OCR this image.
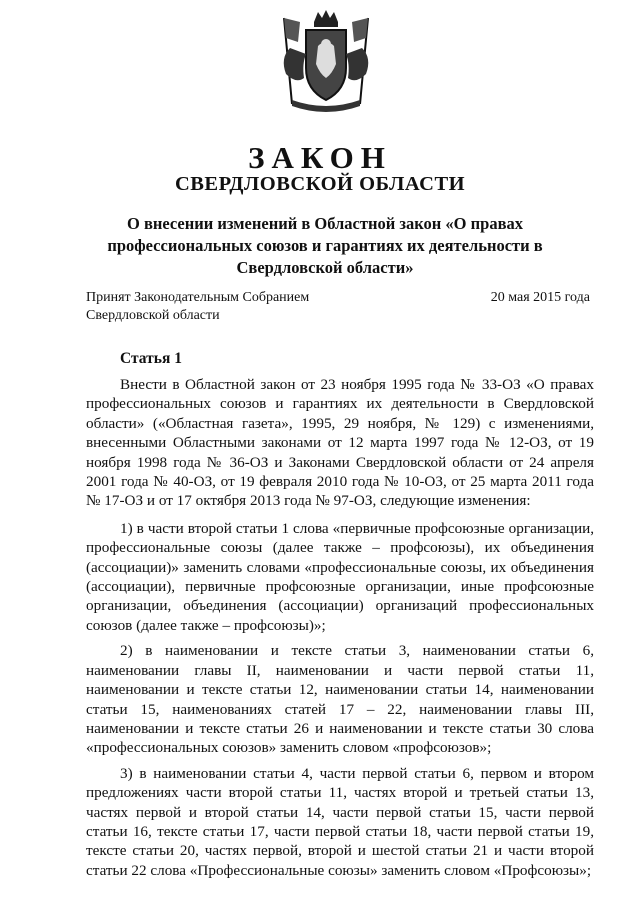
ЗАКОН
СВЕРДЛОВСКОЙ ОБЛАСТИ
О внесении изменений в Областной закон «О правах профессиональных союзов и гарантиях их деятельности в Свердловской области»
Принят Законодательным Собранием
Свердловской области
20 мая 2015 года
Статья 1

Внести в Областной закон от 23 ноября 1995 года № 33-ОЗ «О правах профессиональных союзов и гарантиях их деятельности в Свердловской области» («Областная газета», 1995, 29 ноября, № 129) с изменениями, внесенными Областными законами от 12 марта 1997 года № 12-ОЗ, от 19 ноября 1998 года № 36-ОЗ и Законами Свердловской области от 24 апреля 2001 года № 40-ОЗ, от 19 февраля 2010 года № 10-ОЗ, от 25 марта 2011 года № 17-ОЗ и от 17 октября 2013 года № 97-ОЗ, следующие изменения:

1) в части второй статьи 1 слова «первичные профсоюзные организации, профессиональные союзы (далее также – профсоюзы), их объединения (ассоциации)» заменить словами «профессиональные союзы, их объединения (ассоциации), первичные профсоюзные организации, иные профсоюзные организации, объединения (ассоциации) организаций профессиональных союзов (далее также – профсоюзы)»;

2) в наименовании и тексте статьи 3, наименовании статьи 6, наименовании главы II, наименовании и части первой статьи 11, наименовании и тексте статьи 12, наименовании статьи 14, наименовании статьи 15, наименованиях статей 17 – 22, наименовании главы III, наименовании и тексте статьи 26 и наименовании и тексте статьи 30 слова «профессиональных союзов» заменить словом «профсоюзов»;

3) в наименовании статьи 4, части первой статьи 6, первом и втором предложениях части второй статьи 11, частях второй и третьей статьи 13, частях первой и второй статьи 14, части первой статьи 15, части первой статьи 16, тексте статьи 17, части первой статьи 18, части первой статьи 19, тексте статьи 20, частях первой, второй и шестой статьи 21 и части второй статьи 22 слова «Профессиональные союзы» заменить словом «Профсоюзы»;
